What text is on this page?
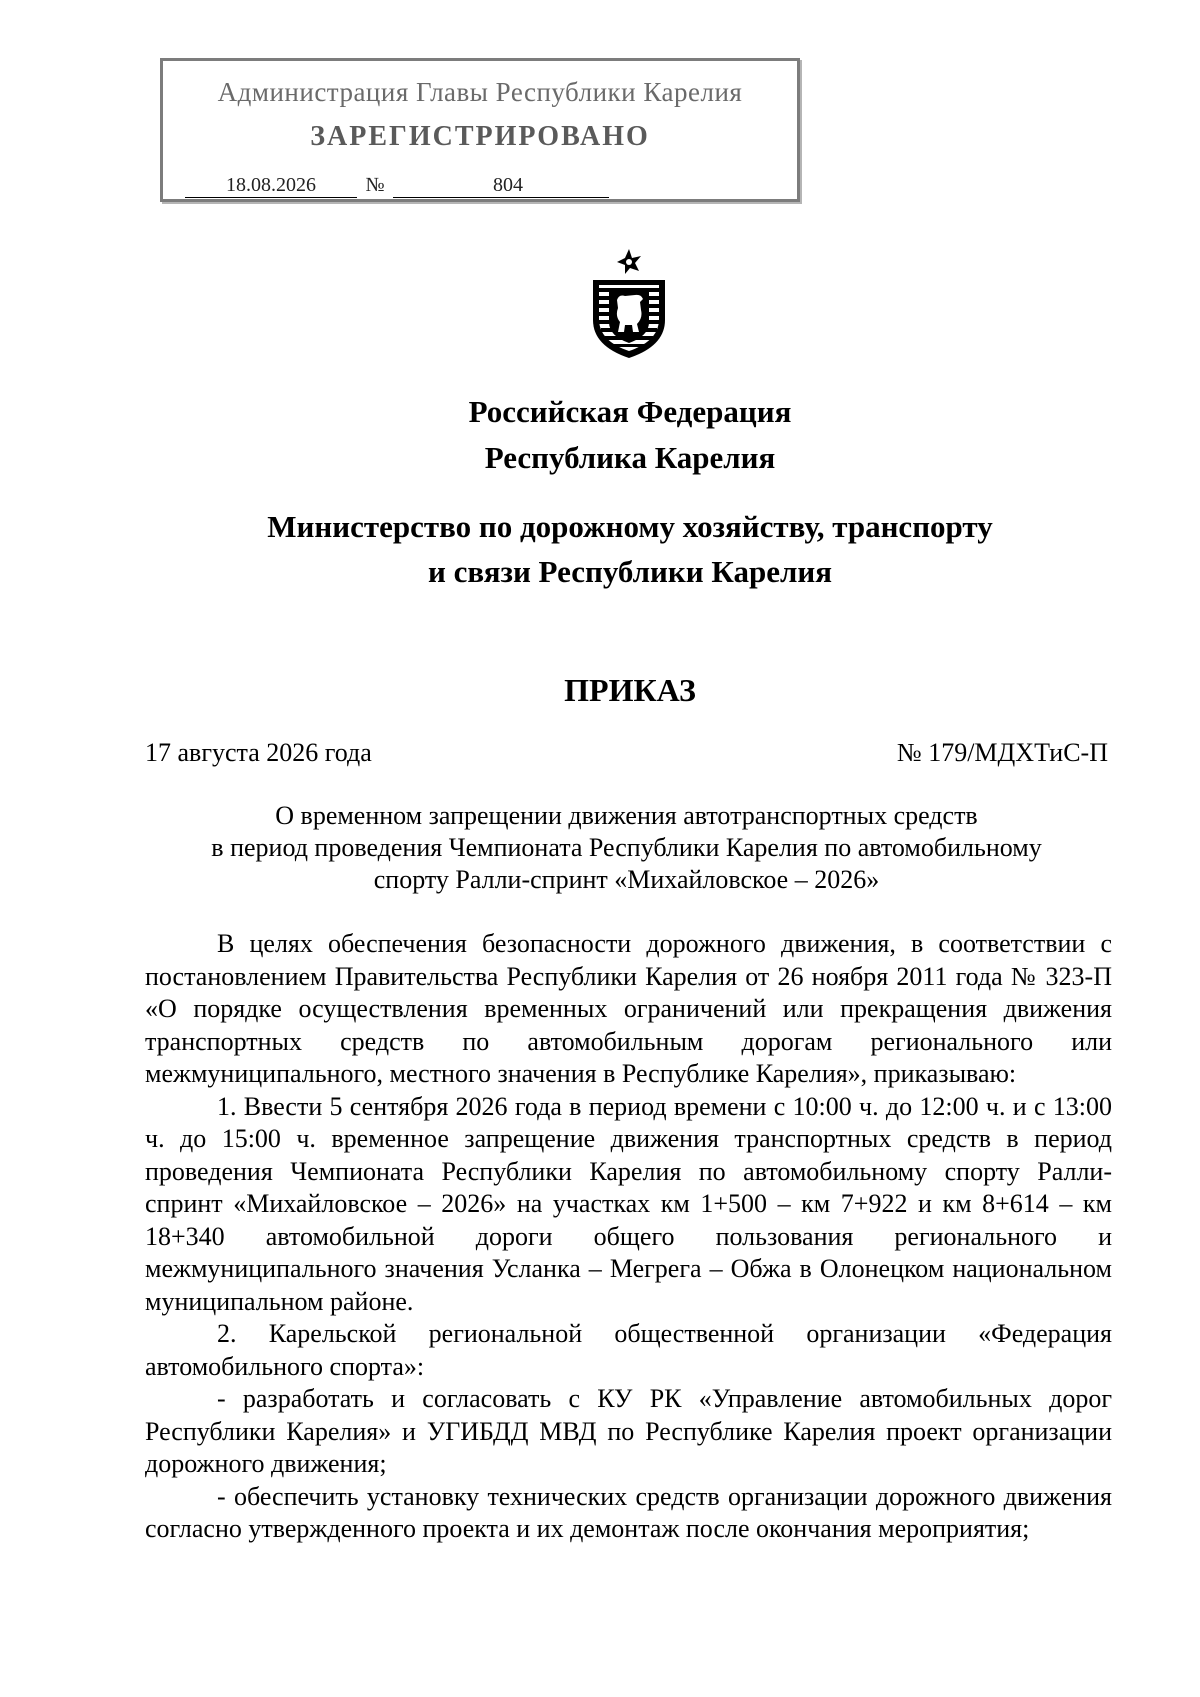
Администрация Главы Республики Карелия
ЗАРЕГИСТРИРОВАНО
18.08.2026 №	804
Российская Федерация
Республика Карелия
Министерство по дорожному хозяйству, транспорту
и связи Республики Карелия
ПРИКАЗ
17 августа 2026 года	№ 179/МДХТиС-П
О временном запрещении движения автотранспортных средств
в период проведения Чемпионата Республики Карелия по автомобильному
спорту Ралли-спринт «Михайловское – 2026»

В целях обеспечения безопасности дорожного движения, в соответствии с постановлением Правительства Республики Карелия от 26 ноября 2011 года № 323-П «О порядке осуществления временных ограничений или прекращения движения транспортных средств по автомобильным дорогам регионального или межмуниципального, местного значения в Республике Карелия», приказываю:

1. Ввести 5 сентября 2026 года в период времени с 10:00 ч. до 12:00 ч. и с 13:00 ч. до 15:00 ч. временное запрещение движения транспортных средств в период проведения Чемпионата Республики Карелия по автомобильному спорту Ралли-спринт «Михайловское – 2026» на участках км 1+500 – км 7+922 и км 8+614 – км 18+340 автомобильной дороги общего пользования регионального и межмуниципального значения Усланка – Мегрега – Обжа в Олонецком национальном муниципальном районе.

2. Карельской региональной общественной организации «Федерация автомобильного спорта»:

- разработать и согласовать с КУ РК «Управление автомобильных дорог Республики Карелия» и УГИБДД МВД по Республике Карелия проект организации дорожного движения;

- обеспечить установку технических средств организации дорожного движения согласно утвержденного проекта и их демонтаж после окончания мероприятия;
